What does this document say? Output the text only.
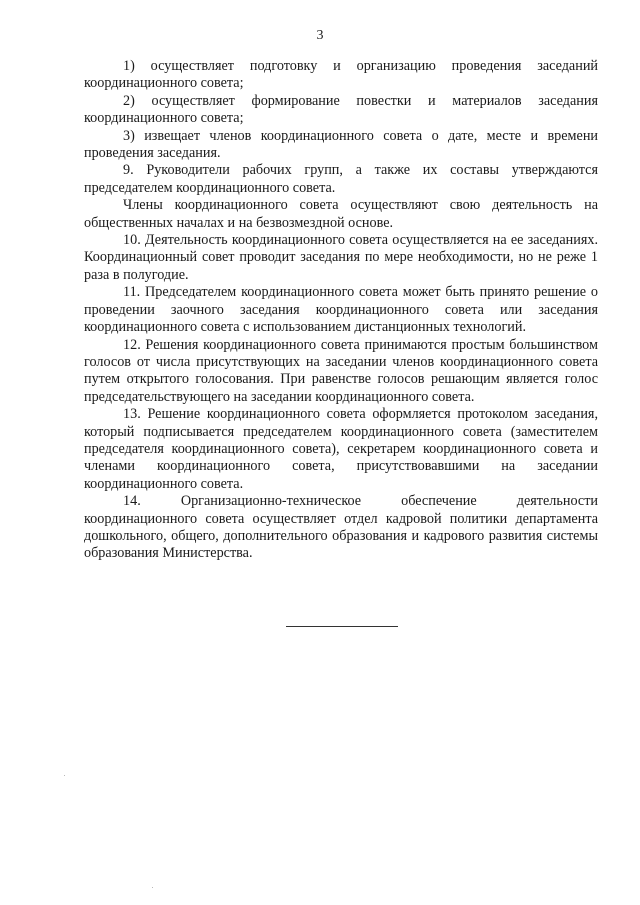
3

1) осуществляет подготовку и организацию проведения заседаний координационного совета;

2) осуществляет формирование повестки и материалов заседания координационного совета;

3) извещает членов координационного совета о дате, месте и времени проведения заседания.

9. Руководители рабочих групп, а также их составы утверждаются председателем координационного совета.

Члены координационного совета осуществляют свою деятельность на общественных началах и на безвозмездной основе.

10. Деятельность координационного совета осуществляется на ее заседаниях. Координационный совет проводит заседания по мере необходимости, но не реже 1 раза в полугодие.

11. Председателем координационного совета может быть принято решение о проведении заочного заседания координационного совета или заседания координационного совета с использованием дистанционных технологий.

12. Решения координационного совета принимаются простым большинством голосов от числа присутствующих на заседании членов координационного совета путем открытого голосования. При равенстве голосов решающим является голос председательствующего на заседании координационного совета.

13. Решение координационного совета оформляется протоколом заседания, который подписывается председателем координационного совета (заместителем председателя координационного совета), секретарем координационного совета и членами координационного совета, присутствовавшими на заседании координационного совета.

14. Организационно-техническое обеспечение деятельности координационного совета осуществляет отдел кадровой политики департамента дошкольного, общего, дополнительного образования и кадрового развития системы образования Министерства.
